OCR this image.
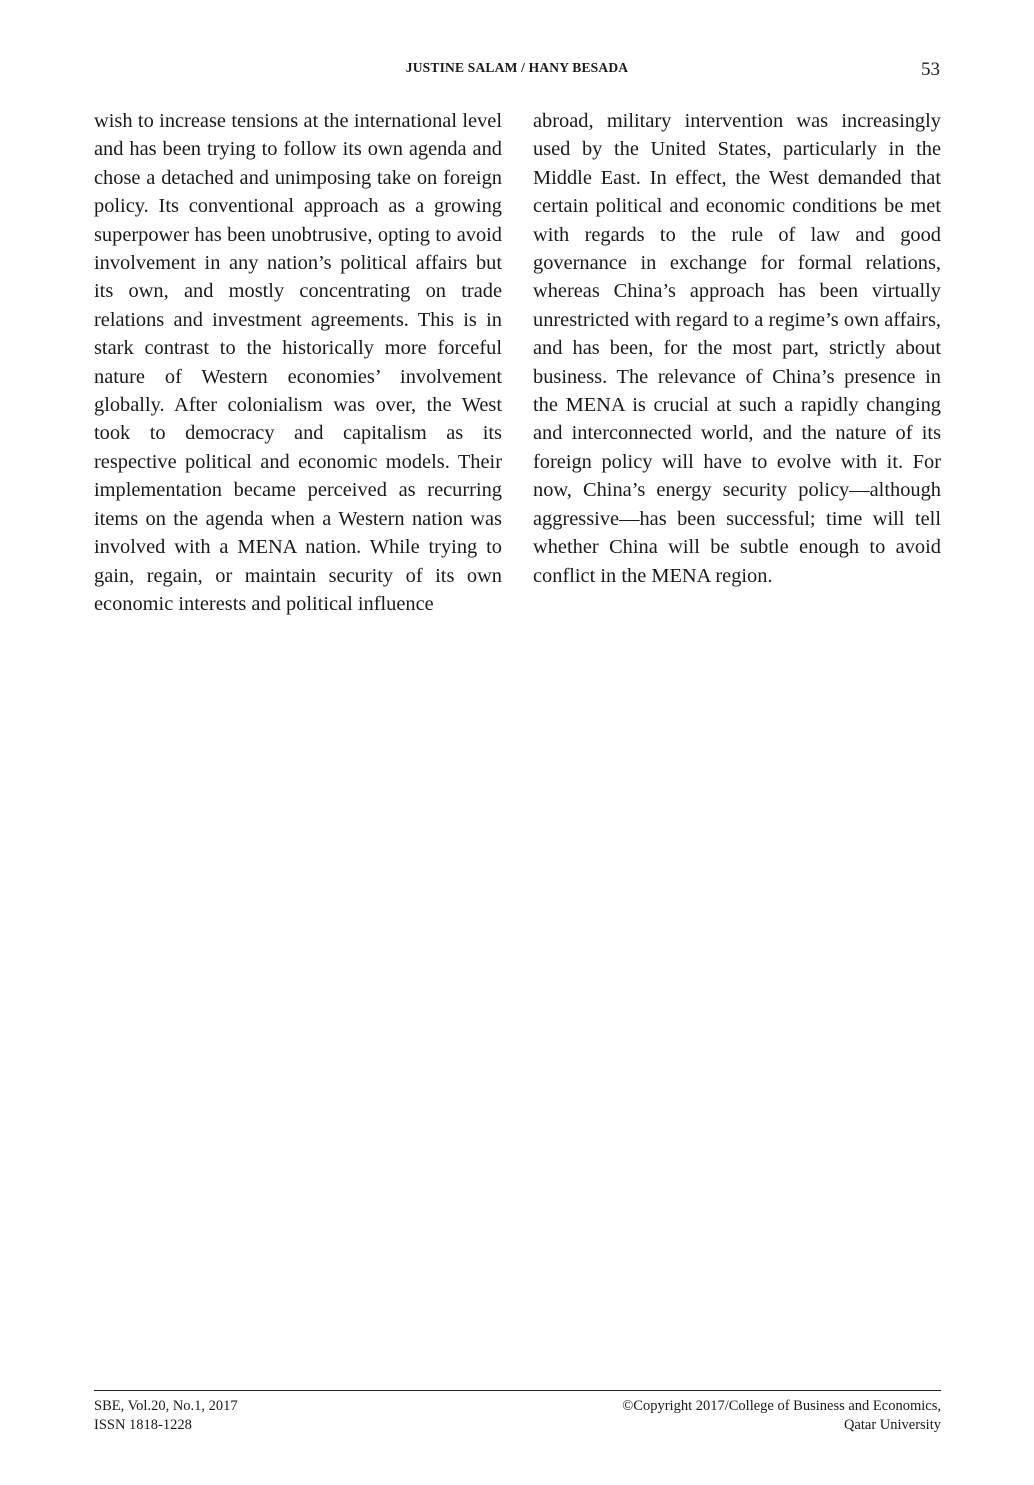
JUSTINE SALAM / HANY BESADA	53

wish to increase tensions at the international level and has been trying to follow its own agenda and chose a detached and unimposing take on foreign policy. Its conventional approach as a growing superpower has been unobtrusive, opting to avoid involvement in any nation’s political affairs but its own, and mostly concentrating on trade relations and investment agreements. This is in stark contrast to the historically more forceful nature of Western economies’ involvement globally. After colonialism was over, the West took to democracy and capitalism as its respective political and economic models. Their implementation became perceived as recurring items on the agenda when a Western nation was involved with a MENA nation. While trying to gain, regain, or maintain security of its own economic interests and political influence

abroad, military intervention was increasingly used by the United States, particularly in the Middle East. In effect, the West demanded that certain political and economic conditions be met with regards to the rule of law and good governance in exchange for formal relations, whereas China’s approach has been virtually unrestricted with regard to a regime’s own affairs, and has been, for the most part, strictly about business. The relevance of China’s presence in the MENA is crucial at such a rapidly changing and interconnected world, and the nature of its foreign policy will have to evolve with it. For now, China’s energy security policy—although aggressive—has been successful; time will tell whether China will be subtle enough to avoid conflict in the MENA region.

SBE, Vol.20, No.1, 2017
ISSN 1818-1228
©Copyright 2017/College of Business and Economics,
Qatar University
